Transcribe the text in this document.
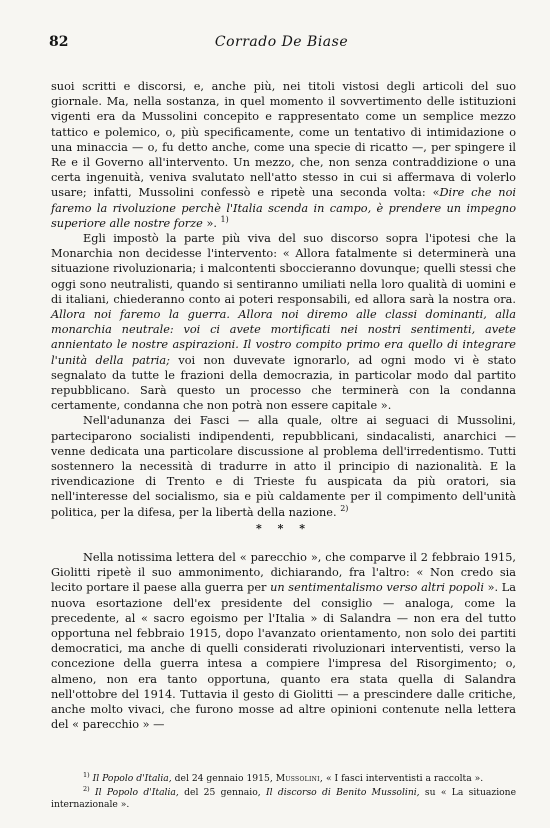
82	Corrado De Biase

suoi scritti e discorsi, e, anche più, nei titoli vistosi degli articoli del suo giornale. Ma, nella sostanza, in quel momento il sovvertimento delle istituzioni vigenti era da Mussolini concepito e rappresentato come un semplice mezzo tattico e polemico, o, più specificamente, come un tentativo di intimidazione o una minaccia — o, fu detto anche, come una specie di ricatto —, per spingere il Re e il Governo all'intervento. Un mezzo, che, non senza contraddizione o una certa ingenuità, veniva svalutato nell'atto stesso in cui si affermava di volerlo usare; infatti, Mussolini confessò e ripetè una seconda volta: «Dire che noi faremo la rivoluzione perchè l'Italia scenda in campo, è prendere un impegno superiore alle nostre forze ». $^{1)}$

Egli impostò la parte più viva del suo discorso sopra l'ipotesi che la Monarchia non decidesse l'intervento: « Allora fatalmente si determinerà una situazione rivoluzionaria; i malcontenti sboccieranno dovunque; quelli stessi che oggi sono neutralisti, quando si sentiranno umiliati nella loro qualità di uomini e di italiani, chiederanno conto ai poteri responsabili, ed allora sarà la nostra ora. Allora noi faremo la guerra. Allora noi diremo alle classi dominanti, alla monarchia neutrale: voi ci avete mortificati nei nostri sentimenti, avete annientato le nostre aspirazioni. Il vostro compito primo era quello di integrare l'unità della patria; voi non duvevate ignorarlo, ad ogni modo vi è stato segnalato da tutte le frazioni della democrazia, in particolar modo dal partito repubblicano. Sarà questo un processo che terminerà con la condanna certamente, condanna che non potrà non essere capitale ».

Nell'adunanza dei Fasci — alla quale, oltre ai seguaci di Mussolini, parteciparono socialisti indipendenti, repubblicani, sindacalisti, anarchici — venne dedicata una particolare discussione al problema dell'irredentismo. Tutti sostennero la necessità di tradurre in atto il principio di nazionalità. E la rivendicazione di Trento e di Trieste fu auspicata da più oratori, sia nell'interesse del socialismo, sia e più caldamente per il compimento dell'unità politica, per la difesa, per la libertà della nazione. $^{2)}$

* * *

Nella notissima lettera del « parecchio », che comparve il 2 febbraio 1915, Giolitti ripetè il suo ammonimento, dichiarando, fra l'altro: « Non credo sia lecito portare il paese alla guerra per un sentimentalismo verso altri popoli ». La nuova esortazione dell'ex presidente del consiglio — analoga, come la precedente, al « sacro egoismo per l'Italia » di Salandra — non era del tutto opportuna nel febbraio 1915, dopo l'avanzato orientamento, non solo dei partiti democratici, ma anche di quelli considerati rivoluzionari interventisti, verso la concezione della guerra intesa a compiere l'impresa del Risorgimento; o, almeno, non era tanto opportuna, quanto era stata quella di Salandra nell'ottobre del 1914. Tuttavia il gesto di Giolitti — a prescindere dalle critiche, anche molto vivaci, che furono mosse ad altre opinioni contenute nella lettera del « parecchio » —

$^{1)}$ Il Popolo d'Italia, del 24 gennaio 1915, Mussolini, « I fasci interventisti a raccolta ».

$^{2)}$ Il Popolo d'Italia, del 25 gennaio, Il discorso di Benito Mussolini, su « La situazione internazionale ».
